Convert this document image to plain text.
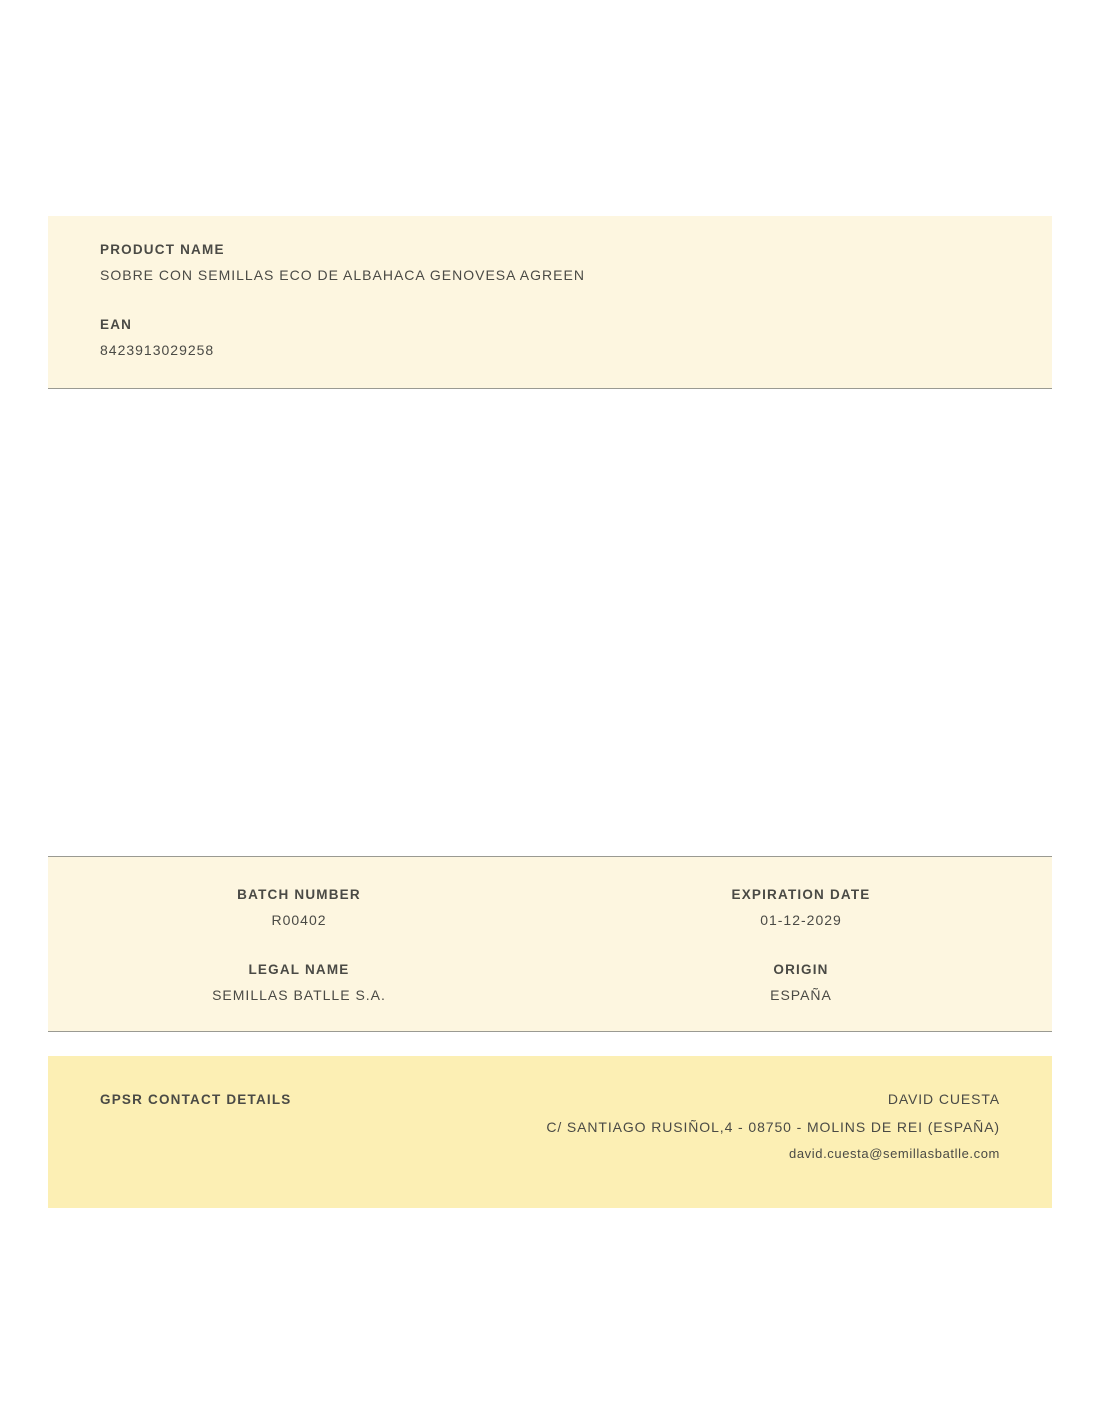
PRODUCT NAME

SOBRE CON SEMILLAS ECO DE ALBAHACA GENOVESA AGREEN

EAN

8423913029258

BATCH NUMBER

R00402

EXPIRATION DATE

01-12-2029

LEGAL NAME

SEMILLAS BATLLE S.A.

ORIGIN

ESPAÑA

GPSR CONTACT DETAILS	DAVID CUESTA

C/ SANTIAGO RUSIÑOL,4 - 08750 - MOLINS DE REI (ESPAÑA)

david.cuesta@semillasbatlle.com
